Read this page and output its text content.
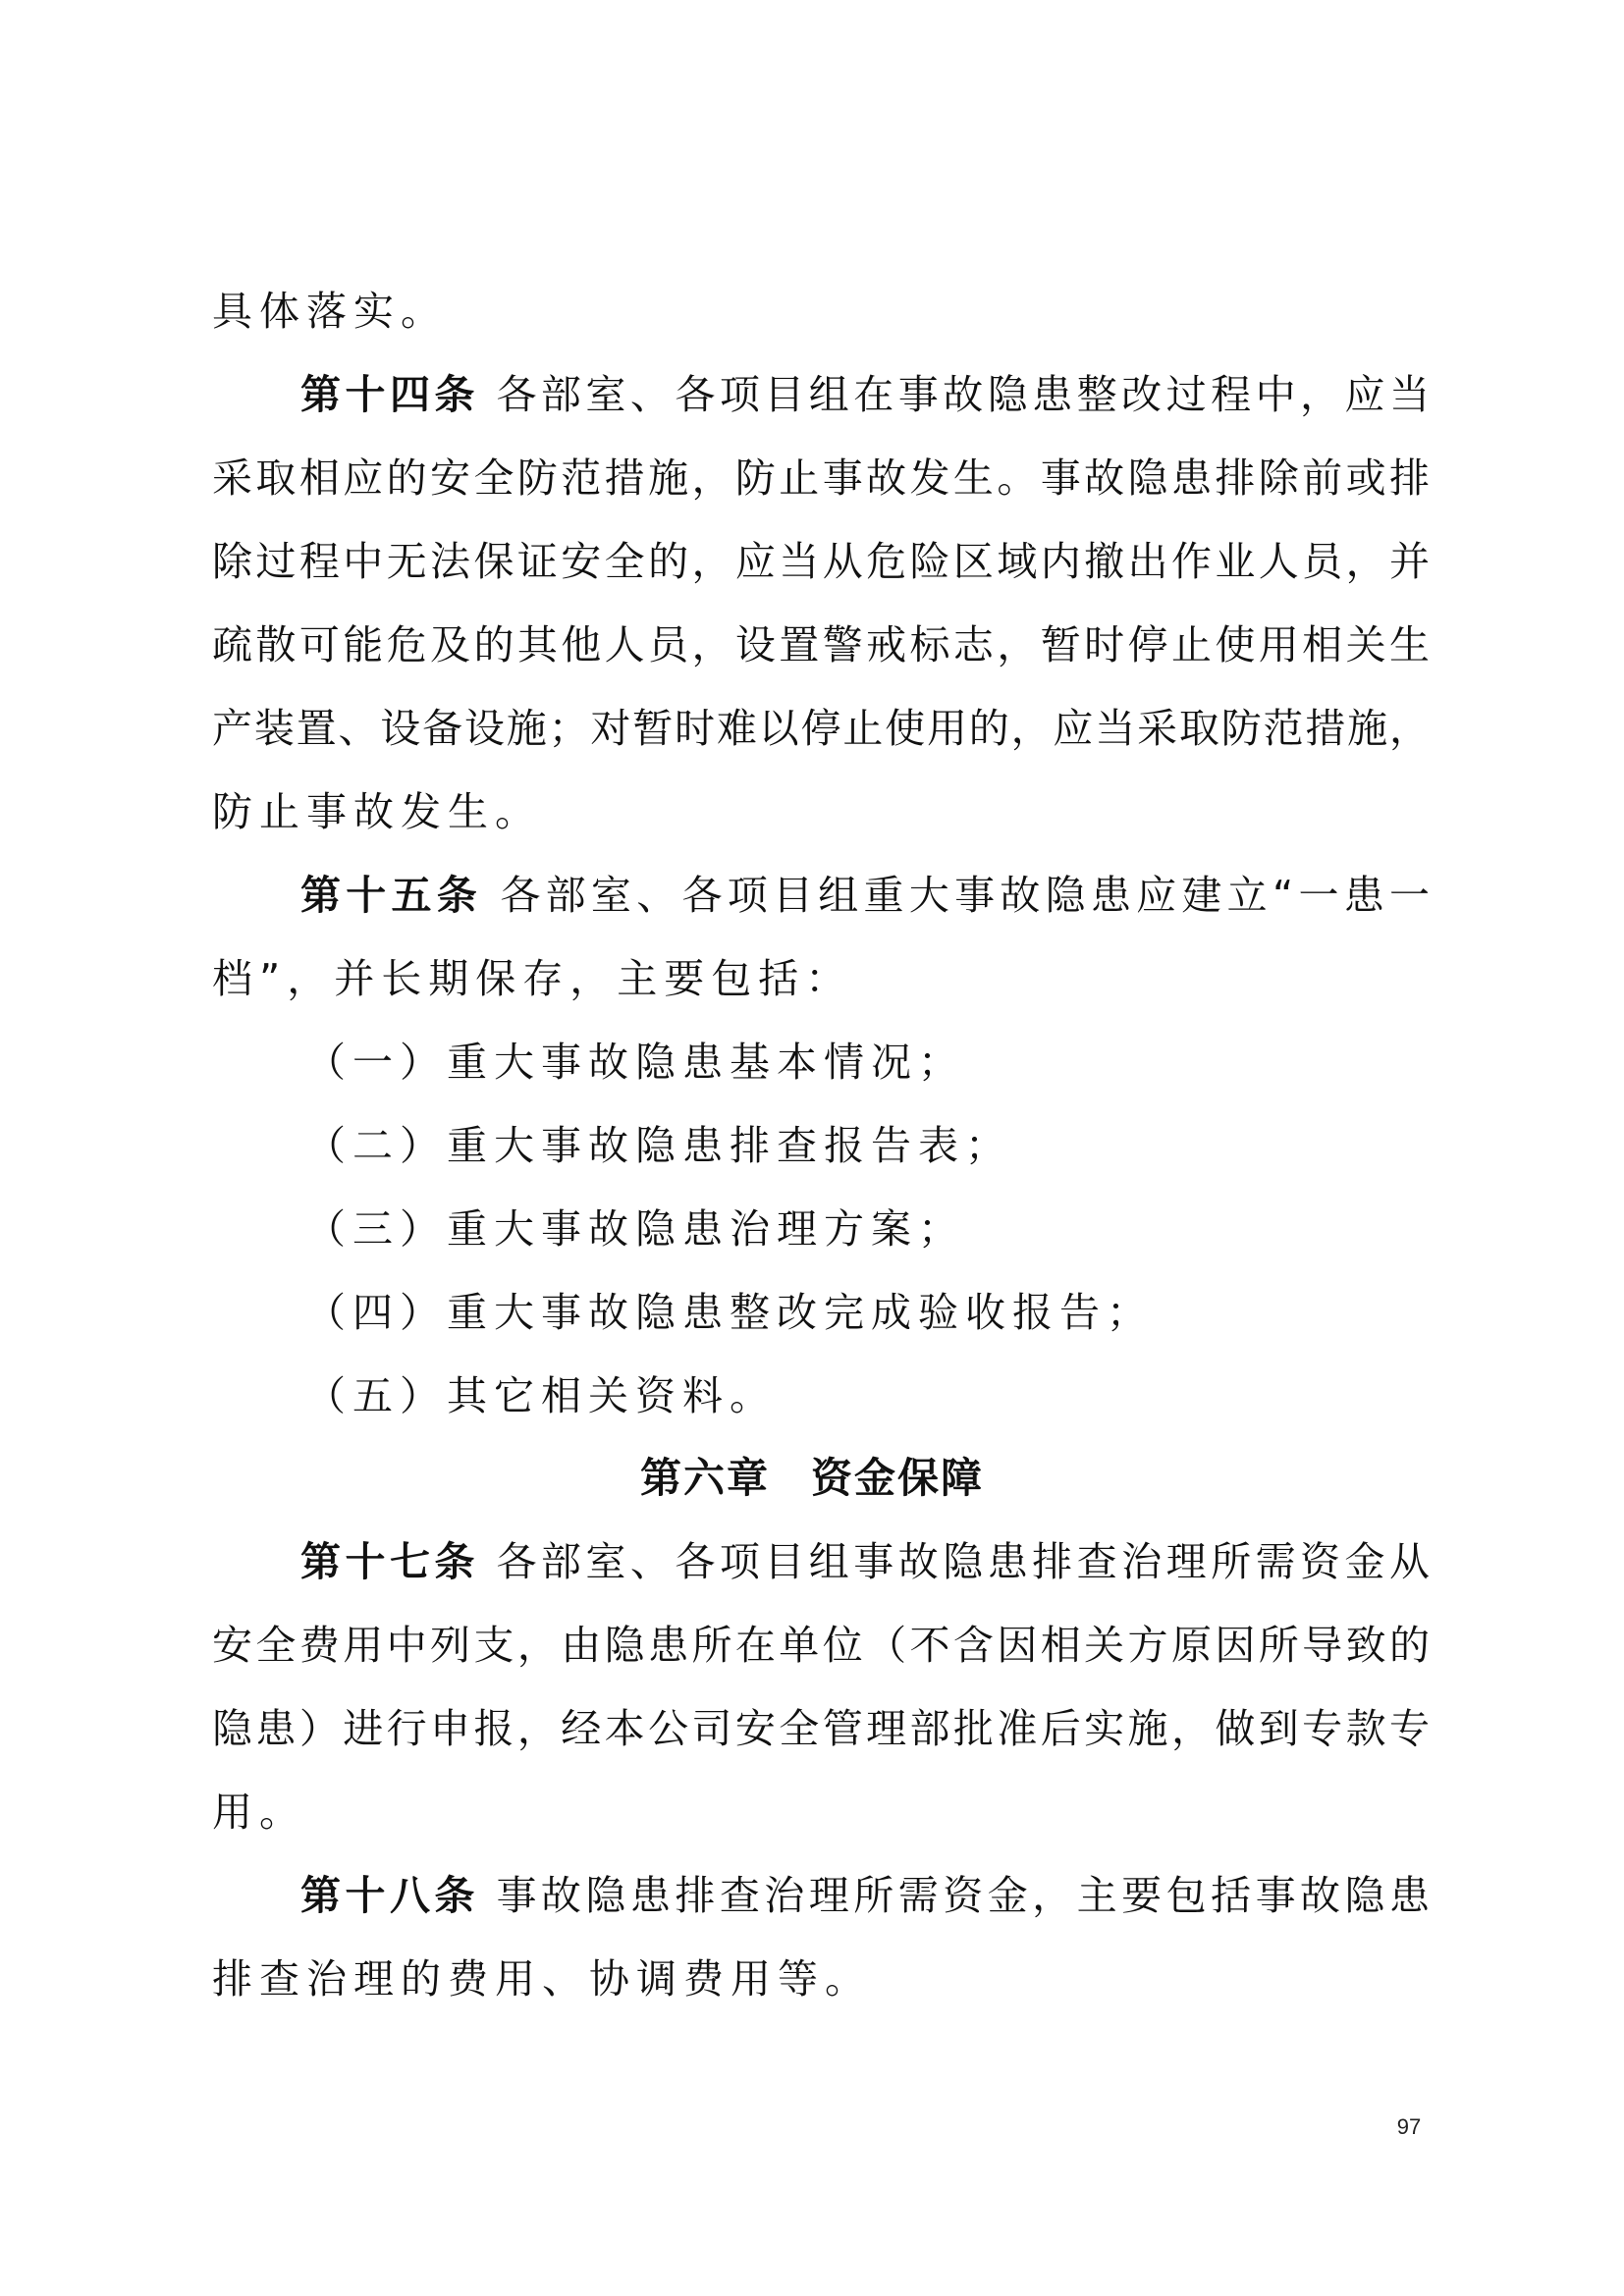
具体落实。
第十四条 各部室、各项目组在事故隐患整改过程中，应当
采取相应的安全防范措施，防止事故发生。事故隐患排除前或排
除过程中无法保证安全的，应当从危险区域内撤出作业人员，并
疏散可能危及的其他人员，设置警戒标志，暂时停止使用相关生
产装置、设备设施；对暂时难以停止使用的，应当采取防范措施，
防止事故发生。
第十五条 各部室、各项目组重大事故隐患应建立“一患一
档”，并长期保存，主要包括：
（一）重大事故隐患基本情况；
（二）重大事故隐患排查报告表；
（三）重大事故隐患治理方案；
（四）重大事故隐患整改完成验收报告；
（五）其它相关资料。
第六章 资金保障
第十七条 各部室、各项目组事故隐患排查治理所需资金从
安全费用中列支，由隐患所在单位（不含因相关方原因所导致的
隐患）进行申报，经本公司安全管理部批准后实施，做到专款专
用。
第十八条 事故隐患排查治理所需资金，主要包括事故隐患
排查治理的费用、协调费用等。
97
